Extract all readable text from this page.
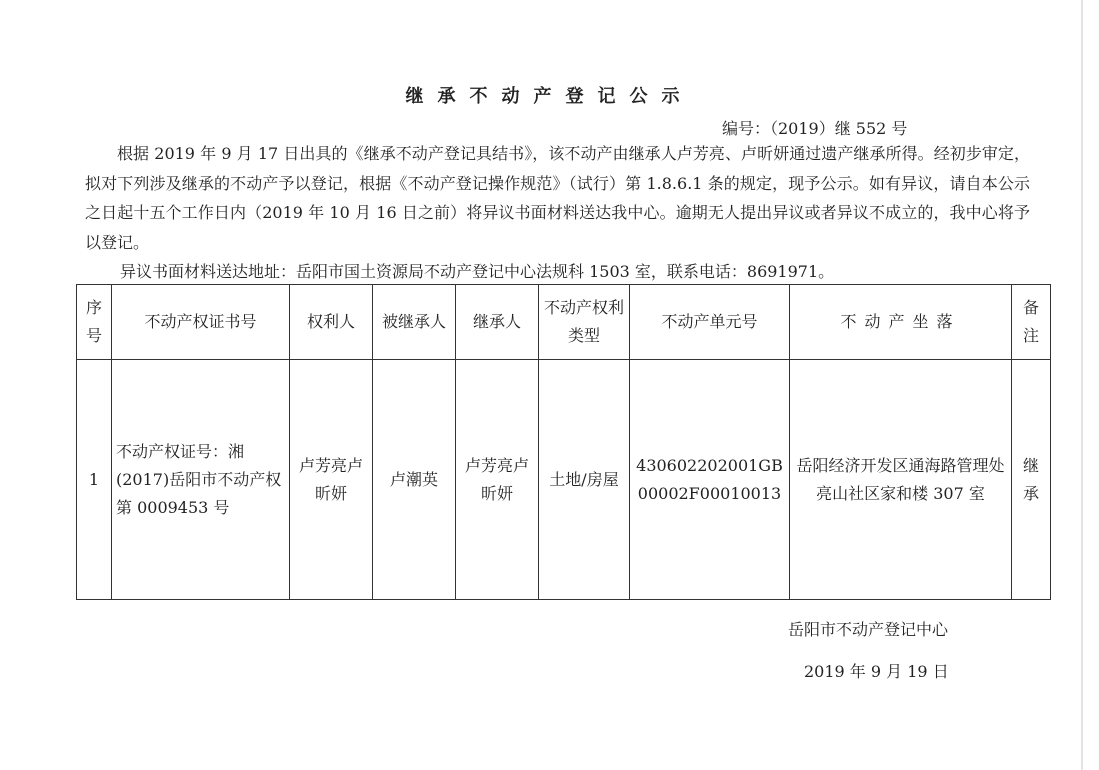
继承不动产登记公示
编号：（2019）继 552 号
根据 2019 年 9 月 17 日出具的《继承不动产登记具结书》，该不动产由继承人卢芳亮、卢昕妍通过遗产继承所得。经初步审定， 拟对下列涉及继承的不动产予以登记，根据《不动产登记操作规范》（试行）第 1.8.6.1 条的规定，现予公示。如有异议，请自本公示之日起十五个工作日内（2019 年 10 月 16 日之前）将异议书面材料送达我中心。逾期无人提出异议或者异议不成立的，我中心将予以登记。
异议书面材料送达地址：岳阳市国土资源局不动产登记中心法规科 1503 室，联系电话：8691971。
序号	不动产权证书号	权利人	被继承人	继承人	不动产权利类型	不动产单元号	不动产坐落	备注
1	不动产权证号：湘(2017)岳阳市不动产权第 0009453 号	卢芳亮卢昕妍	卢潮英	卢芳亮卢昕妍	土地/房屋	430602202001GB00002F00010013	岳阳经济开发区通海路管理处亮山社区家和楼 307 室	继承
岳阳市不动产登记中心
2019 年 9 月 19 日
